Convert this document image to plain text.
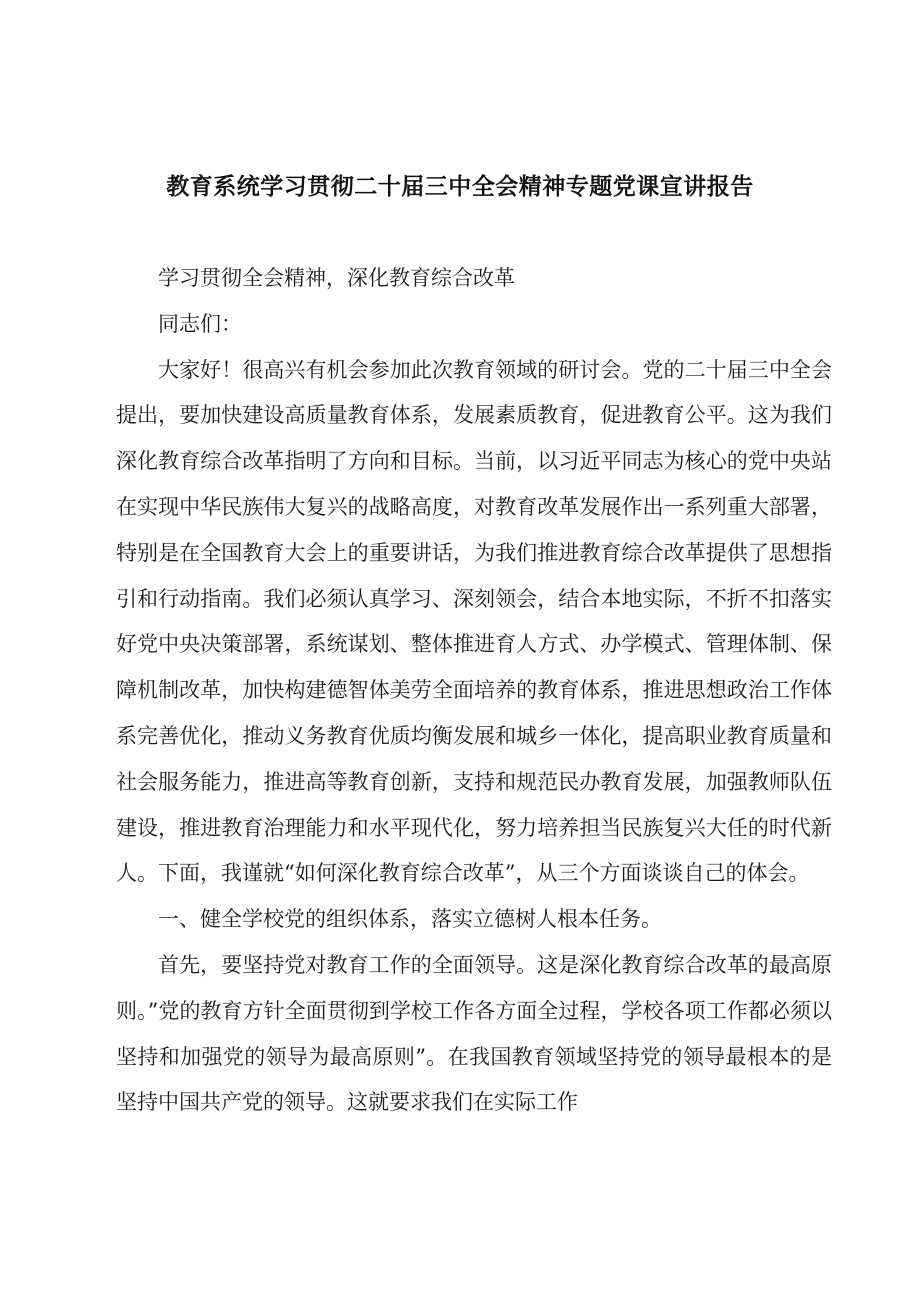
教育系统学习贯彻二十届三中全会精神专题党课宣讲报告

学习贯彻全会精神，深化教育综合改革

同志们：

大家好！很高兴有机会参加此次教育领域的研讨会。党的二十届三中全会提出，要加快建设高质量教育体系，发展素质教育，促进教育公平。这为我们深化教育综合改革指明了方向和目标。当前，以习近平同志为核心的党中央站在实现中华民族伟大复兴的战略高度，对教育改革发展作出一系列重大部署，特别是在全国教育大会上的重要讲话，为我们推进教育综合改革提供了思想指引和行动指南。我们必须认真学习、深刻领会，结合本地实际，不折不扣落实好党中央决策部署，系统谋划、整体推进育人方式、办学模式、管理体制、保障机制改革，加快构建德智体美劳全面培养的教育体系，推进思想政治工作体系完善优化，推动义务教育优质均衡发展和城乡一体化，提高职业教育质量和社会服务能力，推进高等教育创新，支持和规范民办教育发展，加强教师队伍建设，推进教育治理能力和水平现代化，努力培养担当民族复兴大任的时代新人。下面，我谨就“如何深化教育综合改革”，从三个方面谈谈自己的体会。

一、健全学校党的组织体系，落实立德树人根本任务。

首先，要坚持党对教育工作的全面领导。这是深化教育综合改革的最高原则。”党的教育方针全面贯彻到学校工作各方面全过程，学校各项工作都必须以坚持和加强党的领导为最高原则”。在我国教育领域坚持党的领导最根本的是坚持中国共产党的领导。这就要求我们在实际工作
